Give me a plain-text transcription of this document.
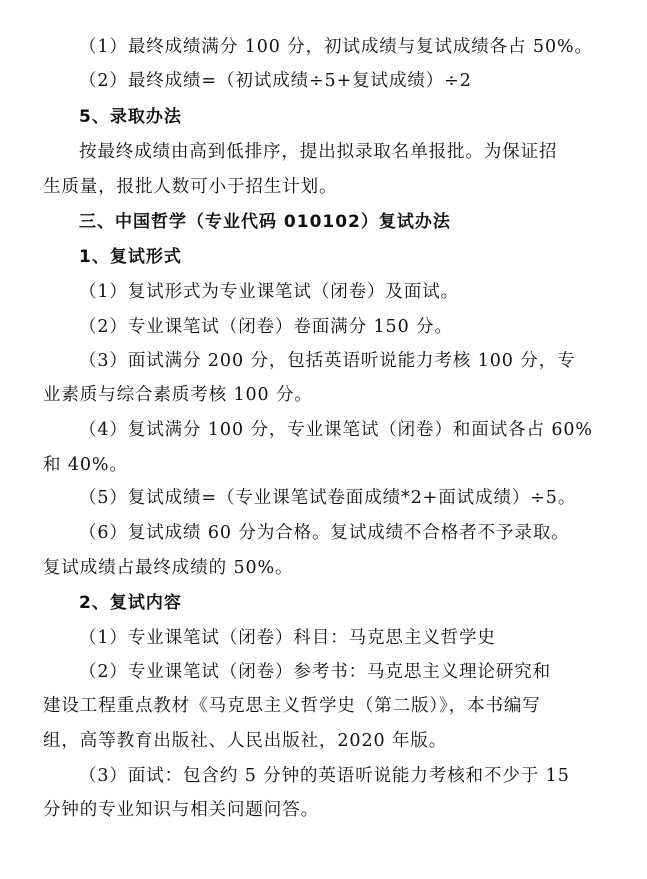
（1）最终成绩满分 100 分，初试成绩与复试成绩各占 50%。
（2）最终成绩=（初试成绩÷5+复试成绩）÷2
5、录取办法
按最终成绩由高到低排序，提出拟录取名单报批。为保证招
生质量，报批人数可小于招生计划。
三、中国哲学（专业代码 010102）复试办法
1、复试形式
（1）复试形式为专业课笔试（闭卷）及面试。
（2）专业课笔试（闭卷）卷面满分 150 分。
（3）面试满分 200 分，包括英语听说能力考核 100 分，专
业素质与综合素质考核 100 分。
（4）复试满分 100 分，专业课笔试（闭卷）和面试各占 60%
和 40%。
（5）复试成绩=（专业课笔试卷面成绩*2+面试成绩）÷5。
（6）复试成绩 60 分为合格。复试成绩不合格者不予录取。
复试成绩占最终成绩的 50%。
2、复试内容
（1）专业课笔试（闭卷）科目：马克思主义哲学史
（2）专业课笔试（闭卷）参考书：马克思主义理论研究和
建设工程重点教材《马克思主义哲学史（第二版）》，本书编写
组，高等教育出版社、人民出版社，2020 年版。
（3）面试：包含约 5 分钟的英语听说能力考核和不少于 15
分钟的专业知识与相关问题问答。
